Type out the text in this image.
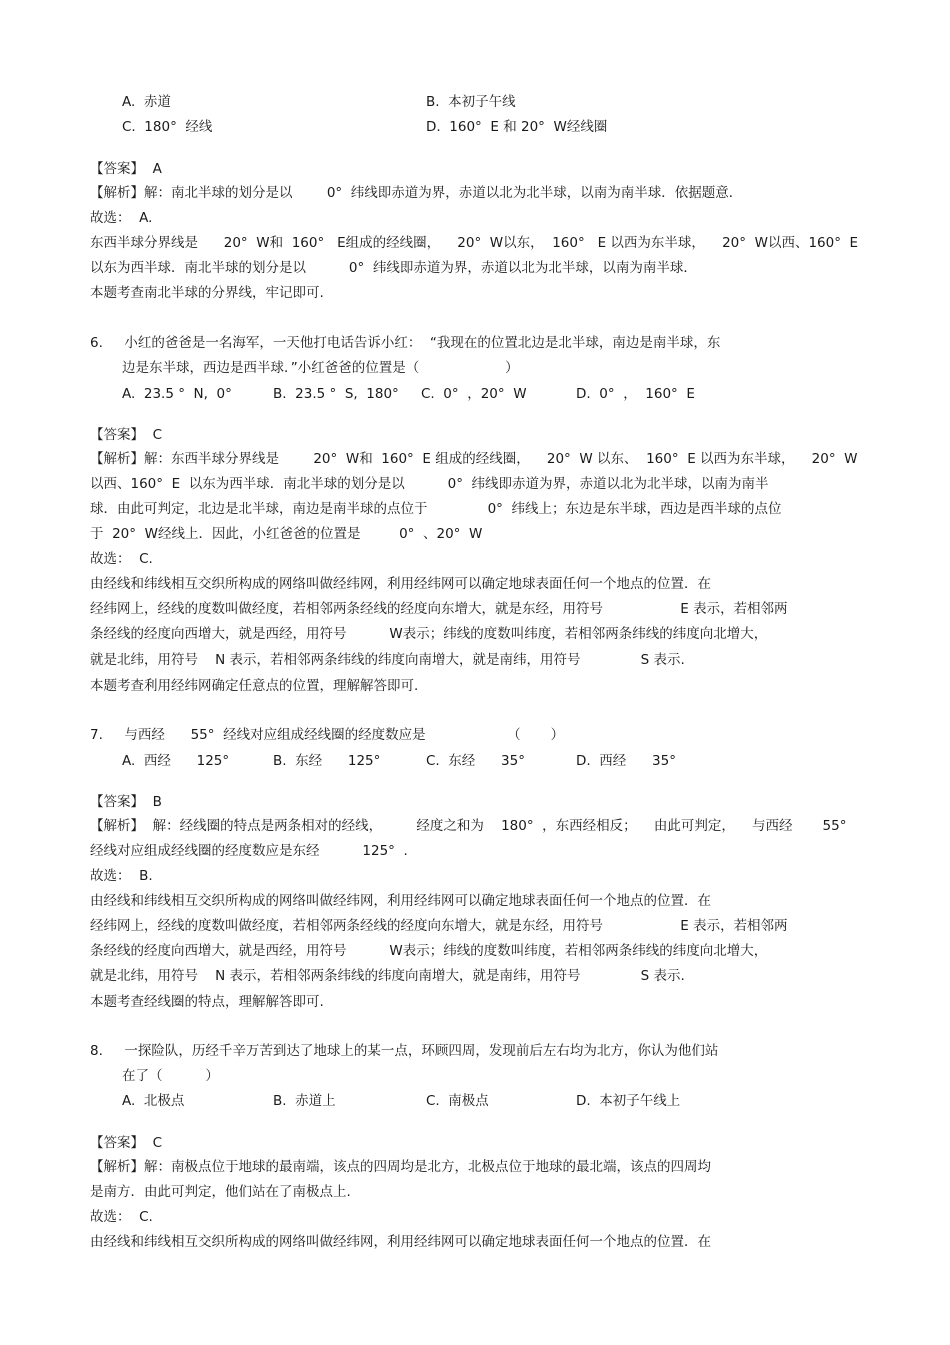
A.  赤道	B.  本初子午线
C.  180°  经线	D.  160°  E 和 20°  W经线圈
【答案】  A
【解析】解：南北半球的划分是以        0°  纬线即赤道为界，赤道以北为北半球，以南为南半球．依据题意．
故选：  A.
东西半球分界线是      20°  W和  160°   E组成的经线圈，    20°  W以东，  160°   E 以西为东半球，    20°  W以西、160°  E
以东为西半球．南北半球的划分是以          0°  纬线即赤道为界，赤道以北为北半球，以南为南半球．
本题考查南北半球的分界线，牢记即可.
6.     小红的爸爸是一名海军，一天他打电话告诉小红：  “我现在的位置北边是北半球，南边是南半球，东
边是东半球，西边是西半球．”小红爸爸的位置是（                    ）
A.  23.5 °  N,  0°	B.  23.5 °  S,  180° C.  0°  ，20°  W	D.  0°  ，  160°  E
【答案】  C
【解析】解：东西半球分界线是        20°  W和  160°  E 组成的经线圈，    20°  W 以东、  160°  E 以西为东半球，    20°  W
以西、160°  E  以东为西半球．南北半球的划分是以          0°  纬线即赤道为界，赤道以北为北半球，以南为南半
球．由此可判定，北边是北半球，南边是南半球的点位于              0°  纬线上；东边是东半球，西边是西半球的点位
于  20°  W经线上．因此，小红爸爸的位置是         0°  、20°  W
故选：  C.
由经线和纬线相互交织所构成的网络叫做经纬网，利用经纬网可以确定地球表面任何一个地点的位置．在
经纬网上，经线的度数叫做经度，若相邻两条经线的经度向东增大，就是东经，用符号                  E 表示，若相邻两
条经线的经度向西增大，就是西经，用符号          W表示；纬线的度数叫纬度，若相邻两条纬线的纬度向北增大，
就是北纬，用符号    N 表示，若相邻两条纬线的纬度向南增大，就是南纬，用符号              S 表示.
本题考查利用经纬网确定任意点的位置，理解解答即可.
7.     与西经      55°  经线对应组成经线圈的经度数应是                   （       ）
A.  西经      125°	B.  东经      125°	C.  东经      35°	D.  西经      35°
【答案】  B
【解析】  解：经线圈的特点是两条相对的经线，        经度之和为    180°  ，东西经相反；    由此可判定，    与西经       55°
经线对应组成经线圈的经度数应是东经          125°  .
故选：  B.
由经线和纬线相互交织所构成的网络叫做经纬网，利用经纬网可以确定地球表面任何一个地点的位置．在
经纬网上，经线的度数叫做经度，若相邻两条经线的经度向东增大，就是东经，用符号                  E 表示，若相邻两
条经线的经度向西增大，就是西经，用符号          W表示；纬线的度数叫纬度，若相邻两条纬线的纬度向北增大，
就是北纬，用符号    N 表示，若相邻两条纬线的纬度向南增大，就是南纬，用符号              S 表示.
本题考查经线圈的特点，理解解答即可.
8.     一探险队，历经千辛万苦到达了地球上的某一点，环顾四周，发现前后左右均为北方，你认为他们站
在了（          ）
A.  北极点	B.  赤道上	C.  南极点	D.  本初子午线上
【答案】  C
【解析】解：南极点位于地球的最南端，该点的四周均是北方，北极点位于地球的最北端，该点的四周均
是南方．由此可判定，他们站在了南极点上.
故选：  C.
由经线和纬线相互交织所构成的网络叫做经纬网，利用经纬网可以确定地球表面任何一个地点的位置．在
